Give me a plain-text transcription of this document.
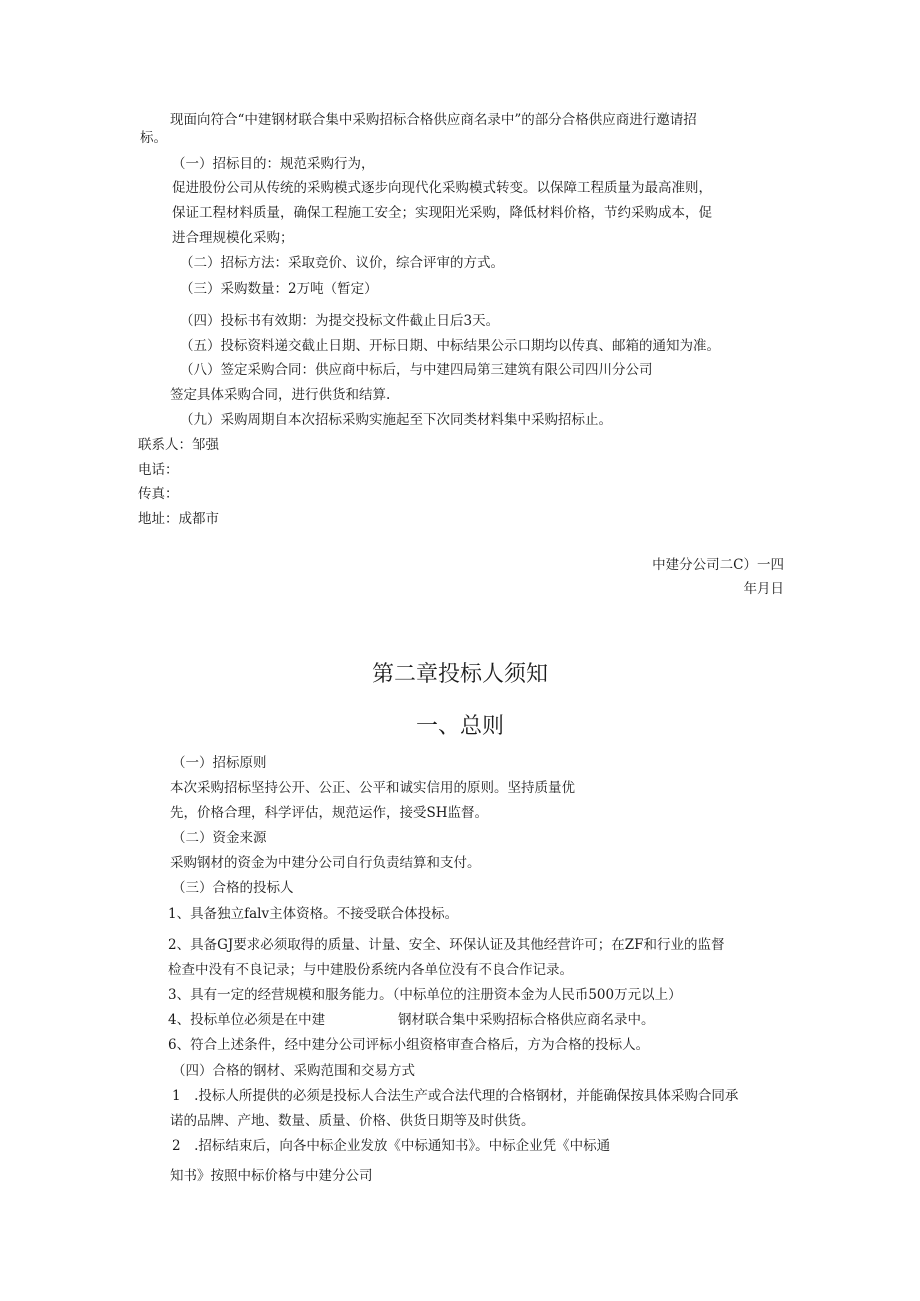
现面向符合“中建钢材联合集中采购招标合格供应商名录中”的部分合格供应商进行邀请招
标。
（一）招标目的：规范采购行为，
促进股份公司从传统的采购模式逐步向现代化采购模式转变。以保障工程质量为最高准则，
保证工程材料质量，确保工程施工安全；实现阳光采购，降低材料价格，节约采购成本，促
进合理规模化采购；
（二）招标方法：采取竞价、议价，综合评审的方式。
（三）采购数量：2万吨（暂定）
（四）投标书有效期：为提交投标文件截止日后3天。
（五）投标资料递交截止日期、开标日期、中标结果公示口期均以传真、邮箱的通知为准。
（八）签定采购合同：供应商中标后，与中建四局第三建筑有限公司四川分公司
签定具体采购合同，进行供货和结算.
（九）采购周期自本次招标采购实施起至下次同类材料集中采购招标止。
联系人：邹强
电话：
传真：
地址：成都市
中建分公司二C）一四
年月日
第二章投标人须知
一、总则
（一）招标原则
本次采购招标坚持公开、公正、公平和诚实信用的原则。坚持质量优
先，价格合理，科学评估，规范运作，接受SH监督。
（二）资金来源
采购钢材的资金为中建分公司自行负责结算和支付。
（三）合格的投标人
1、具备独立falv主体资格。不接受联合体投标。
2、具备GJ要求必须取得的质量、计量、安全、环保认证及其他经营许可；在ZF和行业的监督
检查中没有不良记录；与中建股份系统内各单位没有不良合作记录。
3、具有一定的经营规模和服务能力。（中标单位的注册资本金为人民币500万元以上）
4、投标单位必须是在中建	钢材联合集中采购招标合格供应商名录中。
6、符合上述条件，经中建分公司评标小组资格审查合格后，方为合格的投标人。
（四）合格的钢材、采购范围和交易方式
1　.投标人所提供的必须是投标人合法生产或合法代理的合格钢材，并能确保按具体采购合同承
诺的品牌、产地、数量、质量、价格、供货日期等及时供货。
2　.招标结束后，向各中标企业发放《中标通知书》。中标企业凭《中标通
知书》按照中标价格与中建分公司
